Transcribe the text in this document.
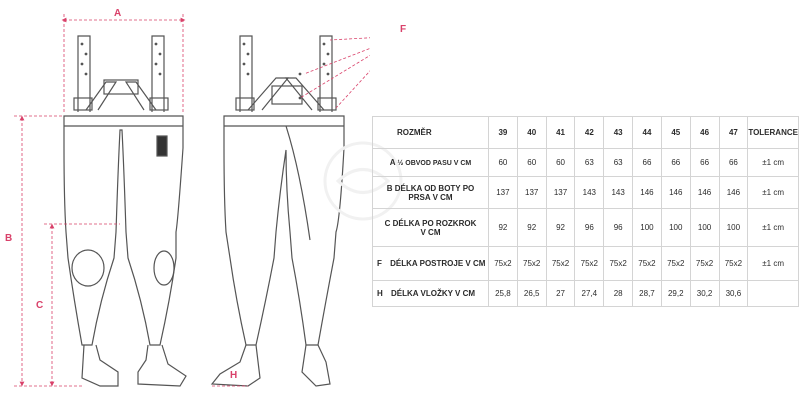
A
B
C
H
F
ROZMĚR	39	40	41	42	43	44	45	46	47	TOLERANCE
A ½ OBVOD PASU V CM	60	60	60	63	63	66	66	66	66	±1 cm
B DÉLKA OD BOTY PO
PRSA V CM	137	137	137	143	143	146	146	146	146	±1 cm
C DÉLKA PO ROZKROK
V CM	92	92	92	96	96	100	100	100	100	±1 cm
F DÉLKA POSTROJE V CM	75x2	75x2	75x2	75x2	75x2	75x2	75x2	75x2	75x2	±1 cm
H DÉLKA VLOŽKY V CM	25,8	26,5	27	27,4	28	28,7	29,2	30,2	30,6	
